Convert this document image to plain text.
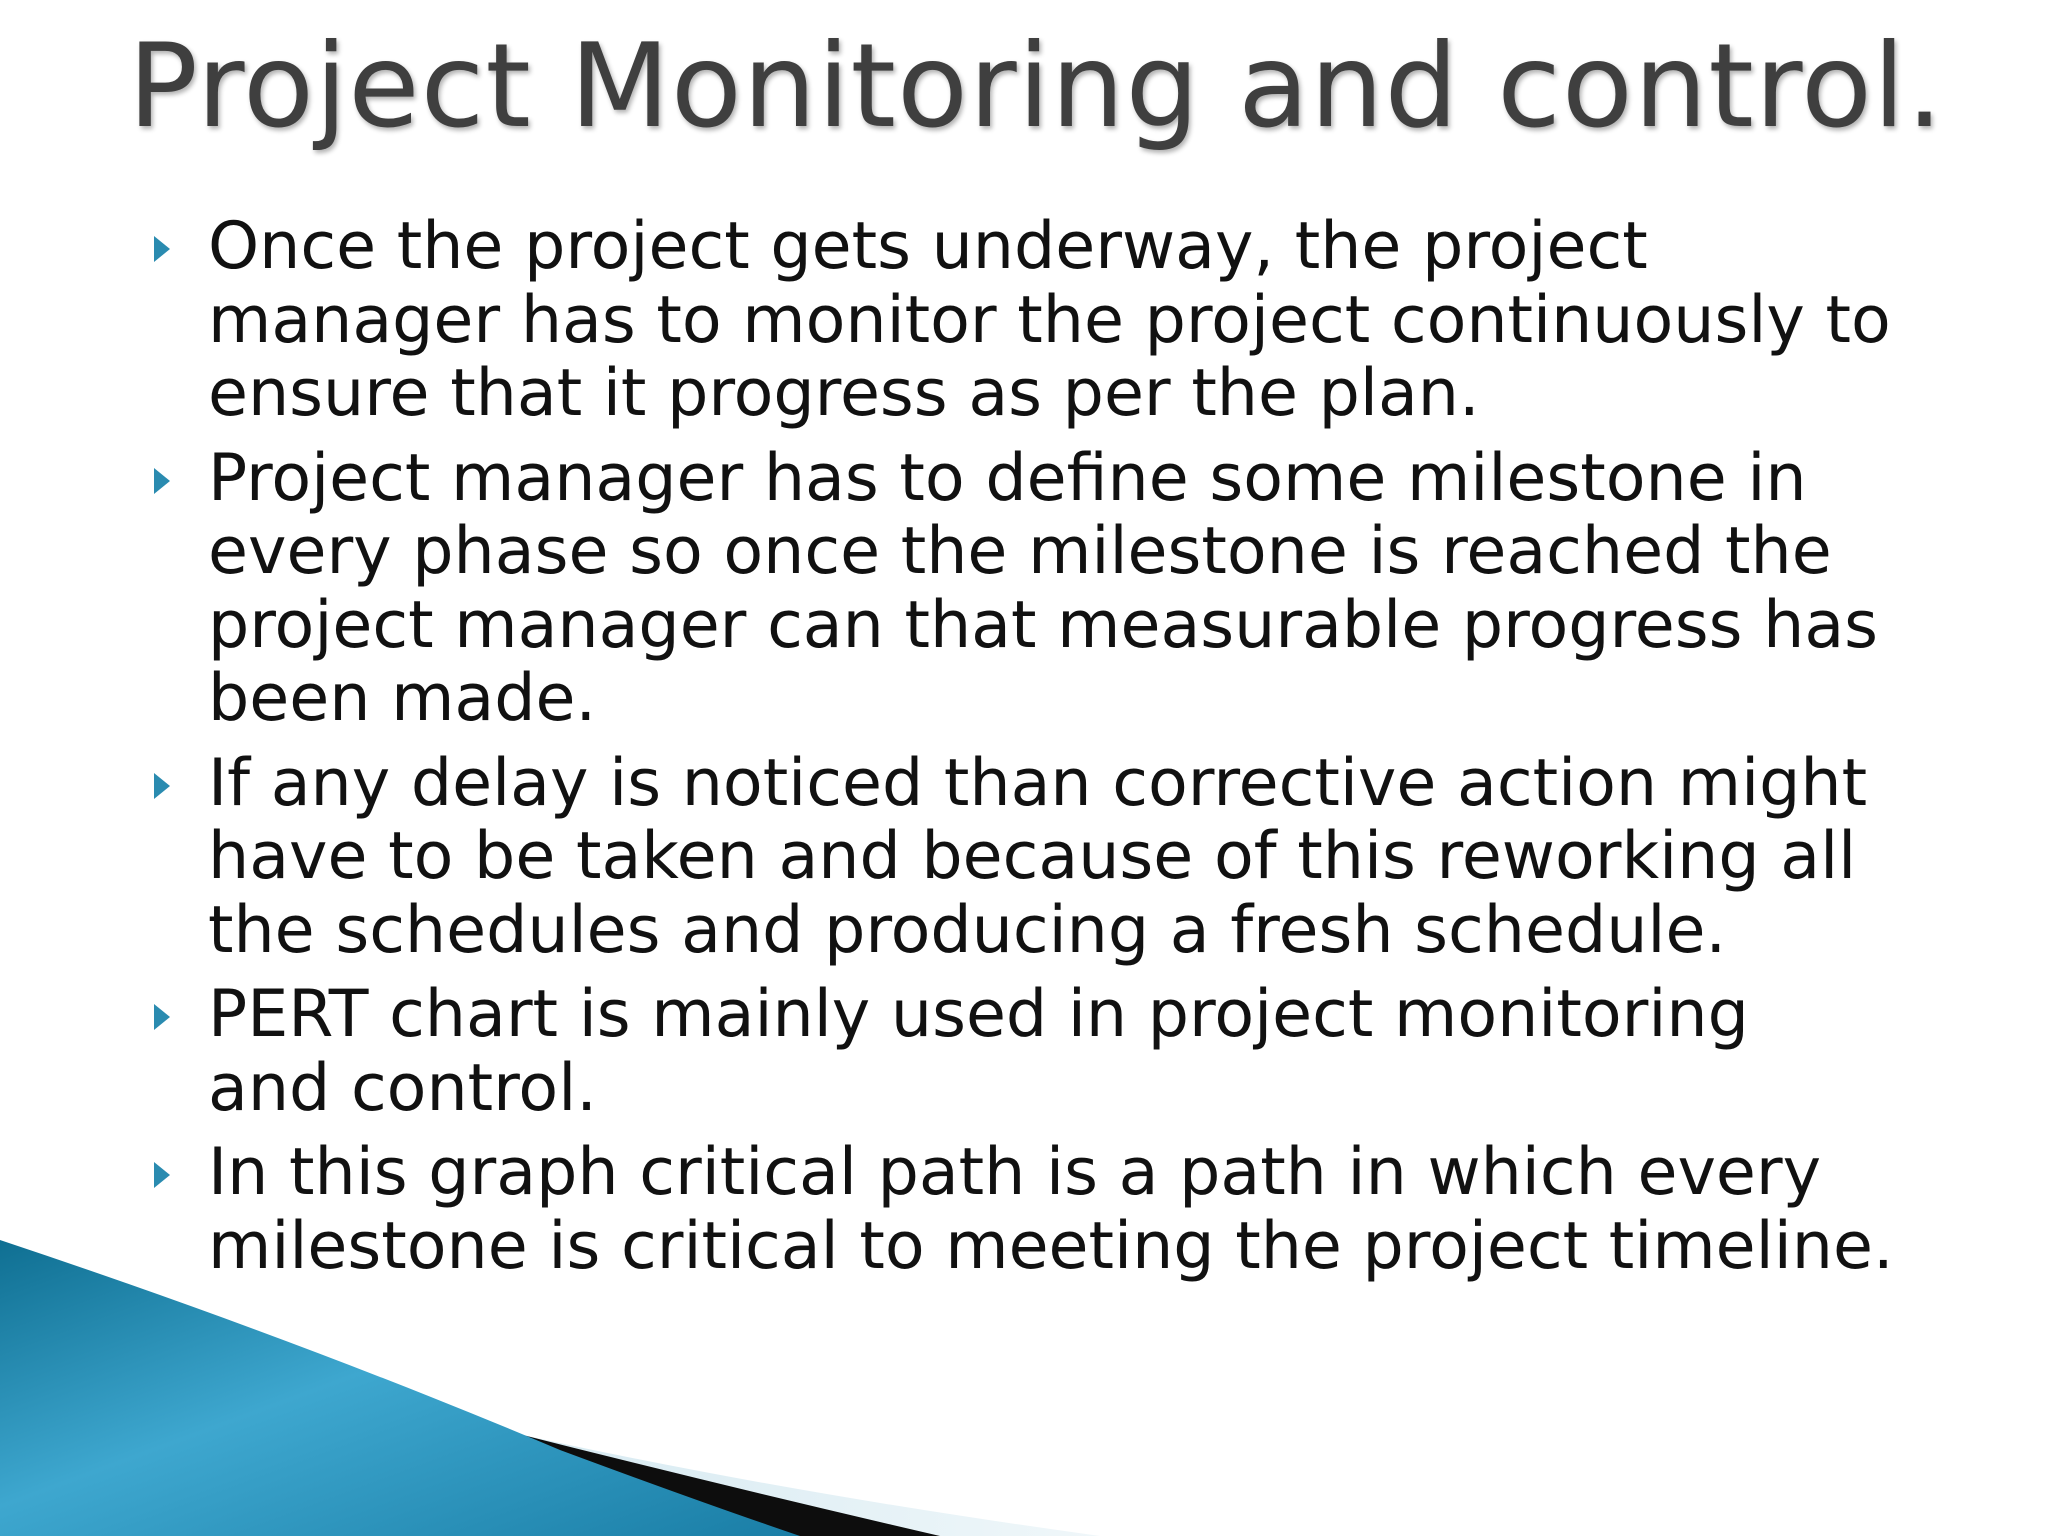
Project Monitoring and control.
Once the project gets underway, the project
manager has to monitor the project continuously to
ensure that it progress as per the plan.
Project manager has to define some milestone in
every phase so once the milestone is reached the
project manager can that measurable progress has
been made.
If any delay is noticed than corrective action might
have to be taken and because of this reworking all
the schedules and producing a fresh schedule.
PERT chart is mainly used in project monitoring
and control.
In this graph critical path is a path in which every
milestone is critical to meeting the project timeline.
